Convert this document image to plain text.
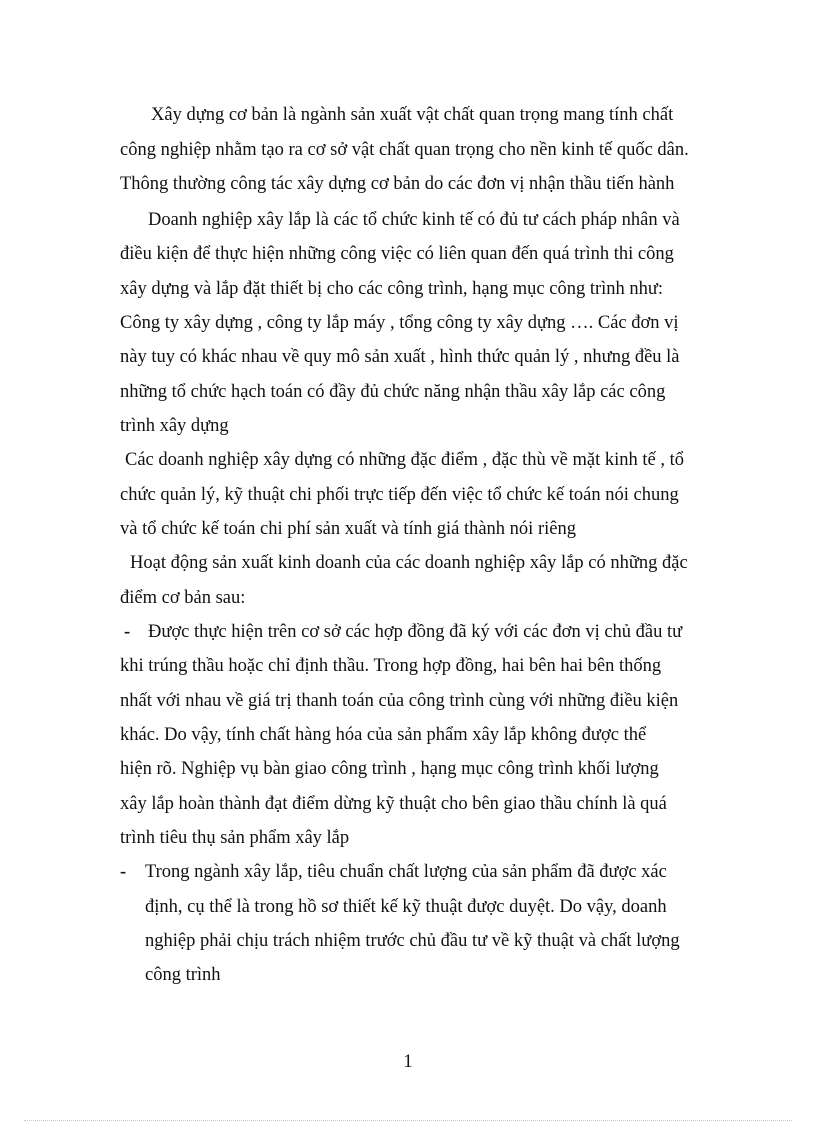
Xây dựng cơ bản là ngành sản xuất vật chất quan trọng mang tính chất

công nghiệp nhằm tạo ra cơ sở vật chất quan trọng cho nền kinh tế quốc dân.

Thông thường công tác xây dựng cơ bản do các đơn vị nhận thầu tiến hành

Doanh nghiệp xây lắp là các tổ chức kinh tế có đủ tư cách pháp nhân và

điều kiện để thực hiện những công việc có liên quan đến quá trình thi công

xây dựng và lắp đặt thiết bị cho các công trình, hạng mục công trình như:

Công ty xây dựng , công ty lắp máy , tổng công ty xây dựng …. Các đơn vị

này tuy có khác nhau về quy mô sản xuất , hình thức quản lý , nhưng đều là

những tổ chức hạch toán có đầy đủ chức năng nhận thầu xây lắp các công

trình xây dựng

Các doanh nghiệp xây dựng có những đặc điểm , đặc thù về mặt kinh tế , tổ

chức quản lý, kỹ thuật chi phối trực tiếp đến việc tổ chức kế toán nói chung

và tổ chức kế toán chi phí sản xuất và tính giá thành nói riêng

Hoạt động sản xuất kinh doanh của các doanh nghiệp xây lắp có những đặc

điểm cơ bản sau:

- Được thực hiện trên cơ sở các hợp đồng đã ký với các đơn vị chủ đầu tư

khi trúng thầu hoặc chỉ định thầu. Trong hợp đồng, hai bên hai bên thống

nhất với nhau về giá trị thanh toán của công trình cùng với những điều kiện

khác. Do vậy, tính chất hàng hóa của sản phẩm xây lắp không được thể

hiện rõ. Nghiệp vụ bàn giao công trình , hạng mục công trình khối lượng

xây lắp hoàn thành đạt điểm dừng kỹ thuật cho bên giao thầu chính là quá

trình tiêu thụ sản phẩm xây lắp

- Trong ngành xây lắp, tiêu chuẩn chất lượng của sản phẩm đã được xác

định, cụ thể là trong hồ sơ thiết kế kỹ thuật được duyệt. Do vậy, doanh

nghiệp phải chịu trách nhiệm trước chủ đầu tư về kỹ thuật và chất lượng

công trình

1
